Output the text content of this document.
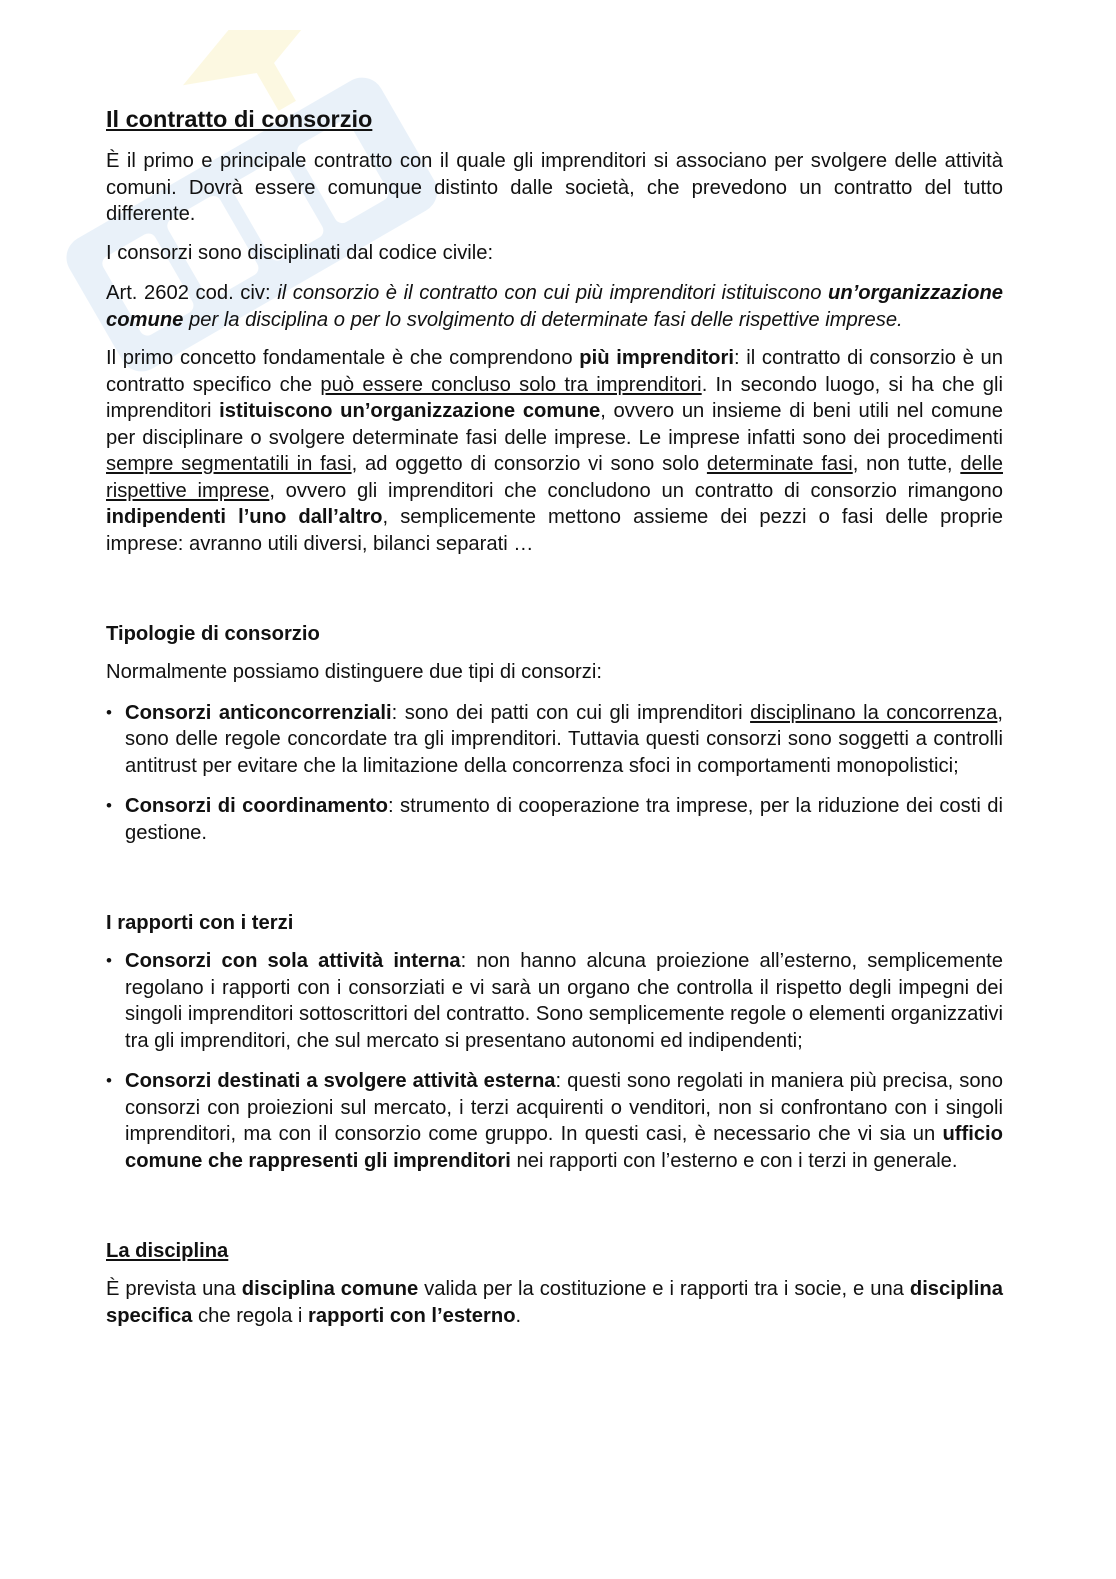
Il contratto di consorzio

È il primo e principale contratto con il quale gli imprenditori si associano per svolgere delle attività comuni. Dovrà essere comunque distinto dalle società, che prevedono un contratto del tutto differente.

I consorzi sono disciplinati dal codice civile:

Art. 2602 cod. civ: il consorzio è il contratto con cui più imprenditori istituiscono un’organizzazione comune per la disciplina o per lo svolgimento di determinate fasi delle rispettive imprese.

Il primo concetto fondamentale è che comprendono più imprenditori: il contratto di consorzio è un contratto specifico che può essere concluso solo tra imprenditori. In secondo luogo, si ha che gli imprenditori istituiscono un’organizzazione comune, ovvero un insieme di beni utili nel comune per disciplinare o svolgere determinate fasi delle imprese. Le imprese infatti sono dei procedimenti sempre segmentatili in fasi, ad oggetto di consorzio vi sono solo determinate fasi, non tutte, delle rispettive imprese, ovvero gli imprenditori che concludono un contratto di consorzio rimangono indipendenti l’uno dall’altro, semplicemente mettono assieme dei pezzi o fasi delle proprie imprese: avranno utili diversi, bilanci separati …

Tipologie di consorzio

Normalmente possiamo distinguere due tipi di consorzi:

• Consorzi anticoncorrenziali: sono dei patti con cui gli imprenditori disciplinano la concorrenza, sono delle regole concordate tra gli imprenditori. Tuttavia questi consorzi sono soggetti a controlli antitrust per evitare che la limitazione della concorrenza sfoci in comportamenti monopolistici;

• Consorzi di coordinamento: strumento di cooperazione tra imprese, per la riduzione dei costi di gestione.

I rapporti con i terzi

• Consorzi con sola attività interna: non hanno alcuna proiezione all’esterno, semplicemente regolano i rapporti con i consorziati e vi sarà un organo che controlla il rispetto degli impegni dei singoli imprenditori sottoscrittori del contratto. Sono semplicemente regole o elementi organizzativi tra gli imprenditori, che sul mercato si presentano autonomi ed indipendenti;

• Consorzi destinati a svolgere attività esterna: questi sono regolati in maniera più precisa, sono consorzi con proiezioni sul mercato, i terzi acquirenti o venditori, non si confrontano con i singoli imprenditori, ma con il consorzio come gruppo. In questi casi, è necessario che vi sia un ufficio comune che rappresenti gli imprenditori nei rapporti con l’esterno e con i terzi in generale.

La disciplina

È prevista una disciplina comune valida per la costituzione e i rapporti tra i socie, e una disciplina specifica che regola i rapporti con l’esterno.
